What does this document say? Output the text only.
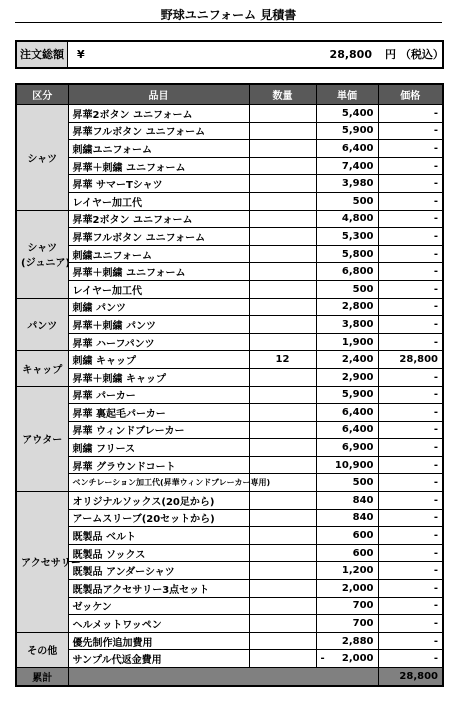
野球ユニフォーム 見積書
注文総額	¥	28,800 円 （税込）
区分	品目	数量	単価	価格

シャツ	昇華2ボタン ユニフォーム		5,400	-
	昇華フルボタン ユニフォーム		5,900	-
	刺繍ユニフォーム		6,400	-
	昇華＋刺繍 ユニフォーム		7,400	-
	昇華 サマーTシャツ		3,980	-
	レイヤー加工代		500	-

シャツ
(ジュニア)	昇華2ボタン ユニフォーム		4,800	-
	昇華フルボタン ユニフォーム		5,300	-
	刺繍ユニフォーム		5,800	-
	昇華＋刺繍 ユニフォーム		6,800	-
	レイヤー加工代		500	-

パンツ	刺繍 パンツ		2,800	-
	昇華＋刺繍 パンツ		3,800	-
	昇華 ハーフパンツ		1,900	-

キャップ	刺繍 キャップ	12	2,400	28,800
	昇華＋刺繍 キャップ		2,900	-

アウター	昇華 パーカー		5,900	-
	昇華 裏起毛パーカー		6,400	-
	昇華 ウィンドブレーカー		6,400	-
	刺繍 フリース		6,900	-
	昇華 グラウンドコート		10,900	-
	ベンチレーション加工代(昇華ウィンドブレーカー専用)		500	-

アクセサリー	オリジナルソックス(20足から)		840	-
	アームスリーブ(20セットから)		840	-
	既製品 ベルト		600	-
	既製品 ソックス		600	-
	既製品 アンダーシャツ		1,200	-
	既製品アクセサリー3点セット		2,000	-
	ゼッケン		700	-
	ヘルメットワッペン		700	-

その他	優先制作追加費用		2,880	-
	サンプル代返金費用		- 2,000	-
累計				28,800
